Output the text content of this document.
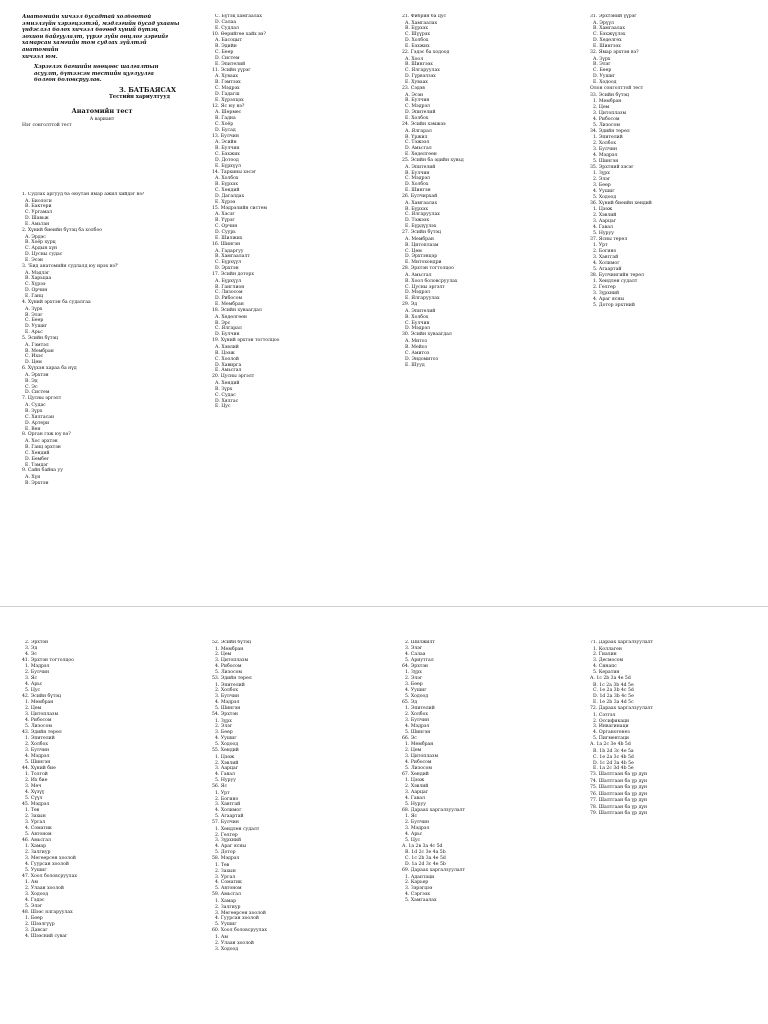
Анатомийн хичээл бусадтай холбоотой
эмнэлзүйн хэрэгцээтэй, мэдлэгийн бусад ухааны
үндэслэл болох хичээл бөгөөд хүний бүтэц
зохион байгуулалт, үүрэг зүйн онцлог зэргийг
хамарсан хамгийн том судлах зүйлтэй анатомийн
хичээл юм.
Хэрэглэх багшийн нөөцөөс шалгалтын
асуулт, бүтээсэн тестийн цуглуулга
болгон боловсруулав.
З. БАТБАЯСАХ
Тестийн хариултууд
Анатомийн тест
А вариант
Нэг сонголттой тест
1. Судлах аргууд ба оюутан ямар ажил хийдэг вэ?
А. Биологи
В. Бактери
С. Ургамал
D. Шавьж
Е. Амьтан
2. Хүний биеийн бүтэц ба холбоо
А. Эрдэс
В. Хоёр хурц
С. Ардын хүн
D. Цусны судас
Е. Эсэн
3. 'Бид анатомийн судлалд юу ирэх вэ?'
А. Мэдлэг
В. Харьцаа
С. Хүрээ
D. Орчин
Е. Ганц
4. Хүний эрхтэн ба судалгаа
А. Зүрх
В. Элэг
С. Бөөр
D. Уушиг
Е. Арьс
5. Эсийн бүтэц
А. Гэмтэл
В. Мембран
С. Ихэс
D. Цөм
6. Хүүхэн хараа ба нүд
А. Эрхтэн
В. Эд
С. Эс
D. Систем
7. Цусны эргэлт
А. Судас
В. Зүрх
С. Хялгасан
D. Артери
Е. Вен
8. Орган гэж юу вэ?
А. Хос эрхтэн
В. Ганц эрхтэн
С. Хөндий
D. Бөмбөг
Е. Тэмдэг
9. Сайн байна уу
А. Хүн
В. Эрхтэн
С. Бүтэц хамгаалах
D. Салаа
Е. Судлал
10. Өөрийгөө хайх вэ?
А. Басоцыт
В. Эдийн
С. Бөөр
D. Систем
Е. Эпителий
11. Эсийн үүрэг
А. Хуваах
В. Гэмтээх
С. Мэдрэх
D. Гадагш
Е. Хүрэлцэх
12. Яс юу вэ?
А. Шөрмөс
В. Гадна
С. Хоёр
D. Бусад
13. Булчин
А. Эсийн
В. Булчин
С. Бэхжих
D. Дотоод
Е. Бүрхүүл
14. Тархины хэсэг
А. Холбох
В. Бүрхэх
С. Хөндий
D. Дагалдах
Е. Хүрээ
15. Мэдрэлийн систем
А. Хэсэг
В. Үүрэг
С. Орчин
D. Суурь
Е. Шилжих
16. Шингэн
А. Гадаргуу
В. Хамгаалалт
С. Бүрхүүл
D. Эрхтэн
17. Эсийн доторх
А. Бүрхүүл
В. Ганглион
С. Лизосом
D. Рибосом
Е. Мембран
18. Эсийн хуваагдал
А. Хөдөлгөөн
В. Эрс
С. Ялгарал
D. Булчин
19. Хүний эрхтэн тогтолцоо
А. Хэвлий
В. Цээж
С. Хоолой
D. Хавирга
Е. Амьсгал
20. Цусны эргэлт
А. Хөндий
В. Зүрх
С. Судас
D. Хялгас
Е. Цус
21. Фибрин ба цус
А. Хамгаалах
В. Бүрхэх
С. Шүүрэх
D. Холбох
Е. Бэхжих
22. Гэдэс ба ходоод
А. Хоол
В. Шингээх
С. Ялгаруулах
D. Гүрвэлзэх
Е. Хуваах
23. Сэдэв
А. Эсэн
В. Булчин
С. Мэдрэл
D. Эпителий
Е. Холбох
24. Эсийн хэмжээ
А. Ялгарал
В. Үржил
С. Тэжээл
D. Амьсгал
Е. Хөдөлгөөн
25. Эсийн ба эдийн хувьд
А. Эпителий
В. Булчин
С. Мэдрэл
D. Холбох
Е. Шингэн
26. Булчирхай
А. Хамгаалах
В. Бүрхэх
С. Ялгаруулах
D. Тэжээх
Е. Бүрдүүлэх
27. Эсийн бүтэц
А. Мембран
В. Цитоплазм
С. Цөм
D. Эрхтэнцэр
Е. Митохондри
28. Эрхтэн тогтолцоо
А. Амьсгал
В. Хоол боловсруулах
С. Цусны эргэлт
D. Мэдрэл
Е. Ялгаруулах
29. Эд
А. Эпителий
В. Холбох
С. Булчин
D. Мэдрэл
30. Эсийн хуваагдал
А. Митоз
В. Мейоз
С. Амитоз
D. Эндомитоз
Е. Шууд
31. Эрхтэний үүрэг
А. Эрүүл
В. Хамгаалах
С. Бэхжүүлэх
D. Хөдөлгөх
Е. Шингээх
32. Ямар эрхтэн вэ?
А. Зүрх
В. Элэг
С. Бөөр
D. Уушиг
Е. Ходоод
Олон сонголттой тест
33. Эсийн бүтэц
1. Мембран
2. Цөм
3. Цитоплазм
4. Рибосом
5. Лизосом
34. Эдийн төрөл
1. Эпителий
2. Холбох
3. Булчин
4. Мэдрэл
5. Шингэн
35. Эрхтний хэсэг
1. Зүрх
2. Элэг
3. Бөөр
4. Уушиг
5. Ходоод
36. Хүний биеийн хөндий
1. Цээж
2. Хэвлий
3. Аарцаг
4. Гавал
5. Нуруу
37. Ясны төрөл
1. Урт
2. Богино
3. Хавтгай
4. Холимог
5. Агаартай
38. Булчингийн төрөл
1. Хөндлөн судалт
2. Гөлгөр
3. Зүрхний
4. Араг ясны
5. Дотор эрхтний
2. Эрхтэн
3. Эд
4. Эс
41. Эрхтэн тогтолцоо
1. Мэдрэл
2. Булчин
3. Яс
4. Арьс
5. Цус
42. Эсийн бүтэц
1. Мембран
2. Цөм
3. Цитоплазм
4. Рибосом
5. Лизосом
43. Эдийн төрөл
1. Эпителий
2. Холбох
3. Булчин
4. Мэдрэл
5. Шингэн
44. Хүний бие
1. Толгой
2. Их бие
3. Мөч
4. Хүзүү
5. Сүүл
45. Мэдрэл
1. Төв
2. Захын
3. Ургал
4. Соматик
5. Автоном
46. Амьсгал
1. Хамар
2. Залгиур
3. Мөгөөрсөн хоолой
4. Гуурсан хоолой
5. Уушиг
47. Хоол боловсруулах
1. Ам
2. Улаан хоолой
3. Ходоод
4. Гэдэс
5. Элэг
48. Шээс ялгаруулах
1. Бөөр
2. Шээлгүүр
3. Давсаг
4. Шээсний суваг
52. Эсийн бүтэц
1. Мембран
2. Цөм
3. Цитоплазм
4. Рибосом
5. Лизосом
53. Эдийн төрөл
1. Эпителий
2. Холбох
3. Булчин
4. Мэдрэл
5. Шингэн
54. Эрхтэн
1. Зүрх
2. Элэг
3. Бөөр
4. Уушиг
5. Ходоод
55. Хөндий
1. Цээж
2. Хэвлий
3. Аарцаг
4. Гавал
5. Нуруу
56. Яс
1. Урт
2. Богино
3. Хавтгай
4. Холимог
5. Агаартай
57. Булчин
1. Хөндлөн судалт
2. Гөлгөр
3. Зүрхний
4. Араг ясны
5. Дотор
58. Мэдрэл
1. Төв
2. Захын
3. Ургал
4. Соматик
5. Автоном
59. Амьсгал
1. Хамар
2. Залгиур
3. Мөгөөрсөн хоолой
4. Гуурсан хоолой
5. Уушиг
60. Хоол боловсруулах
1. Ам
2. Улаан хоолой
3. Ходоод
2. Шилжилт
3. Элэг
4. Салаа
5. Ариутгал
64. Эрхтэн
1. Зүрх
2. Элэг
3. Бөөр
4. Уушиг
5. Ходоод
65. Эд
1. Эпителий
2. Холбох
3. Булчин
4. Мэдрэл
5. Шингэн
66. Эс
1. Мембран
2. Цөм
3. Цитоплазм
4. Рибосом
5. Лизосом
67. Хөндий
1. Цээж
2. Хэвлий
3. Аарцаг
4. Гавал
5. Нуруу
68. Дараах харгалзуулалт
1. Яс
2. Булчин
3. Мэдрэл
4. Арьс
5. Цус
А. 1а 2в 3а 4с 5d
В. 1d 2c 3e 4a 5b
С. 1c 2b 3a 4e 5d
D. 1a 2d 3c 4e 5b
69. Дараах харгалзуулалт
1. Адаптаци
2. Карьер
3. Зэрэгцээ
4. Сэргээх
5. Хамгаалах
71. Дараах харгалзуулалт
1. Коллаген
2. Гиалин
3. Десмосом
4. Синапс
5. Кератин
А. 1с 2b 3a 4e 5d
В. 1с 2a 3b 4d 5e
С. 1e 2a 3b 4c 5d
D. 1d 2a 3b 4c 5e
Е. 1e 2b 3a 4d 5c
72. Дараах харгалзуулалт
1. Сэтгэл
2. Оссификаци
3. Инвагинаци
4. Органогенез
5. Пигментаци
А. 1а 2с 3е 4b 5d
В. 1b 2d 3c 4e 5a
С. 1e 2a 3c 4b 5d
D. 1c 2d 3a 4b 5e
Е. 1а 2c 3d 4b 5e
73. Шалтгаан ба үр дүн
74. Шалтгаан ба үр дүн
75. Шалтгаан ба үр дүн
76. Шалтгаан ба үр дүн
77. Шалтгаан ба үр дүн
78. Шалтгаан ба үр дүн
79. Шалтгаан ба үр дүн
